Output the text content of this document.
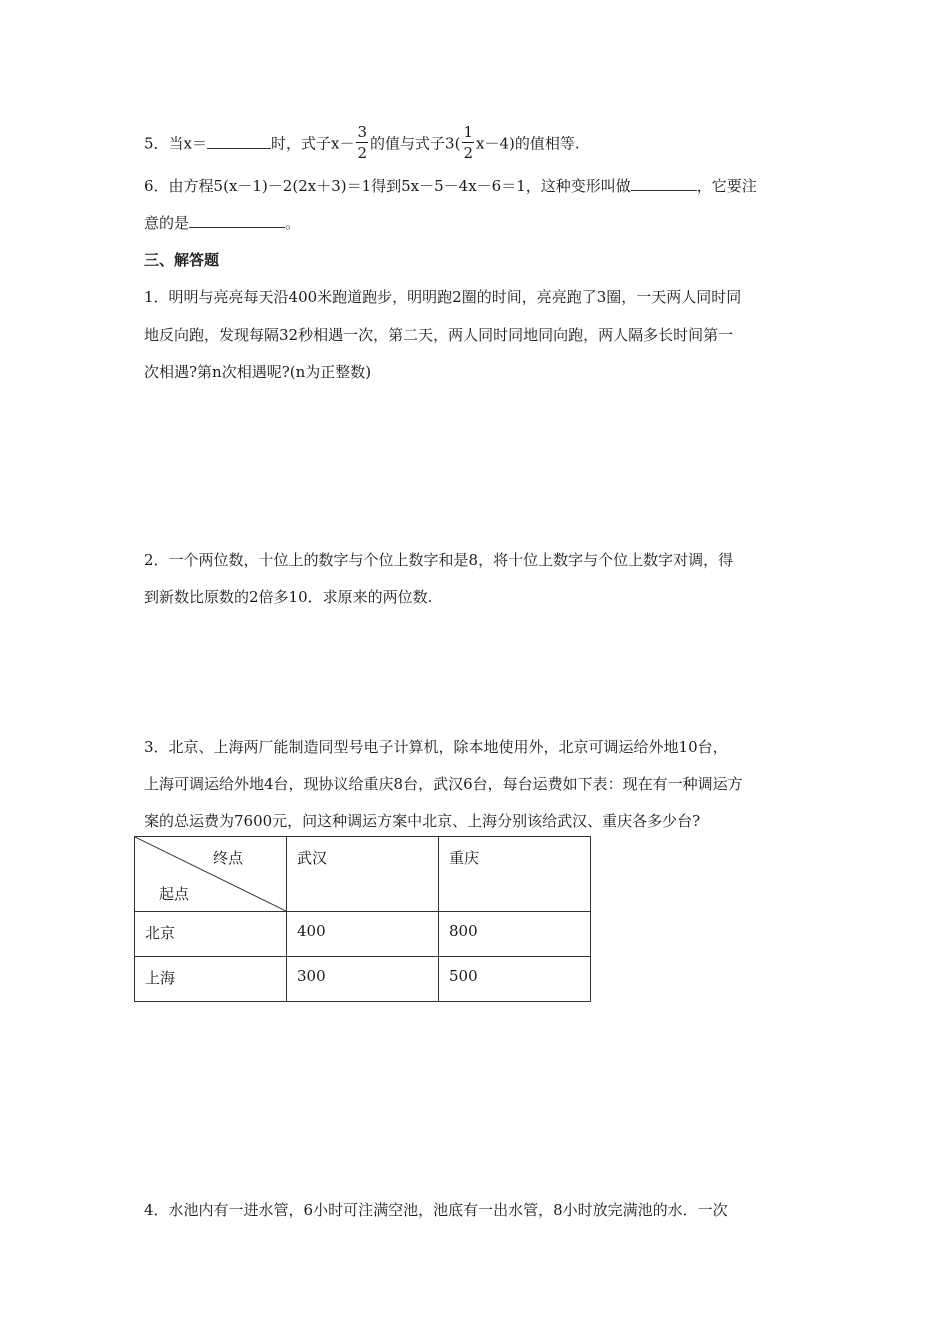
5．当x＝	时，式子$x- \frac{3}{2}$ 的值与式子$3( \frac{1}{2} x-4)$的值相等.
6．由方程5(x－1)－2(2x＋3)＝1得到5x－5－4x－6＝1，这种变形叫做	，它要注
意的是	。
三、解答题
1．明明与亮亮每天沿400米跑道跑步，明明跑2圈的时间，亮亮跑了3圈，一天两人同时同
地反向跑，发现每隔32秒相遇一次，第二天，两人同时同地同向跑，两人隔多长时间第一
次相遇?第n次相遇呢?(n为正整数)
2．一个两位数，十位上的数字与个位上数字和是8，将十位上数字与个位上数字对调，得
到新数比原数的2倍多10．求原来的两位数.
3．北京、上海两厂能制造同型号电子计算机，除本地使用外，北京可调运给外地10台，
上海可调运给外地4台，现协议给重庆8台，武汉6台，每台运费如下表：现在有一种调运方
案的总运费为7600元，问这种调运方案中北京、上海分别该给武汉、重庆各多少台?
终点
起点	武汉	重庆

北京	400	800

上海	300	500
4．水池内有一进水管，6小时可注满空池，池底有一出水管，8小时放完满池的水．一次
